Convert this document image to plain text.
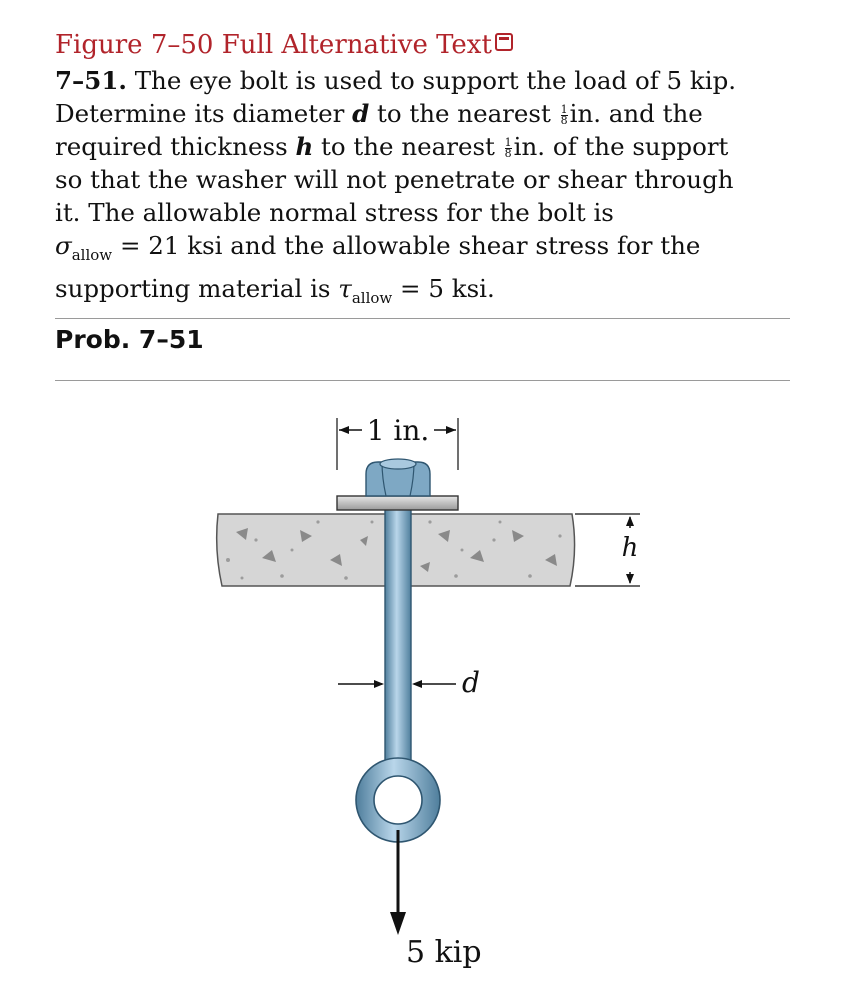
Figure 7–50 Full Alternative Text
7–51. The eye bolt is used to support the load of 5 kip.
Determine its diameter d to the nearest $\frac{1}{8}$ in. and the
required thickness h to the nearest $\frac{1}{8}$ in. of the support
so that the washer will not penetrate or shear through
it. The allowable normal stress for the bolt is
$\sigma_{allow} = 21$ ksi and the allowable shear stress for the
supporting material is $\tau_{allow} = 5$ ksi.
Prob. 7–51
1 in.
h
d
5 kip
